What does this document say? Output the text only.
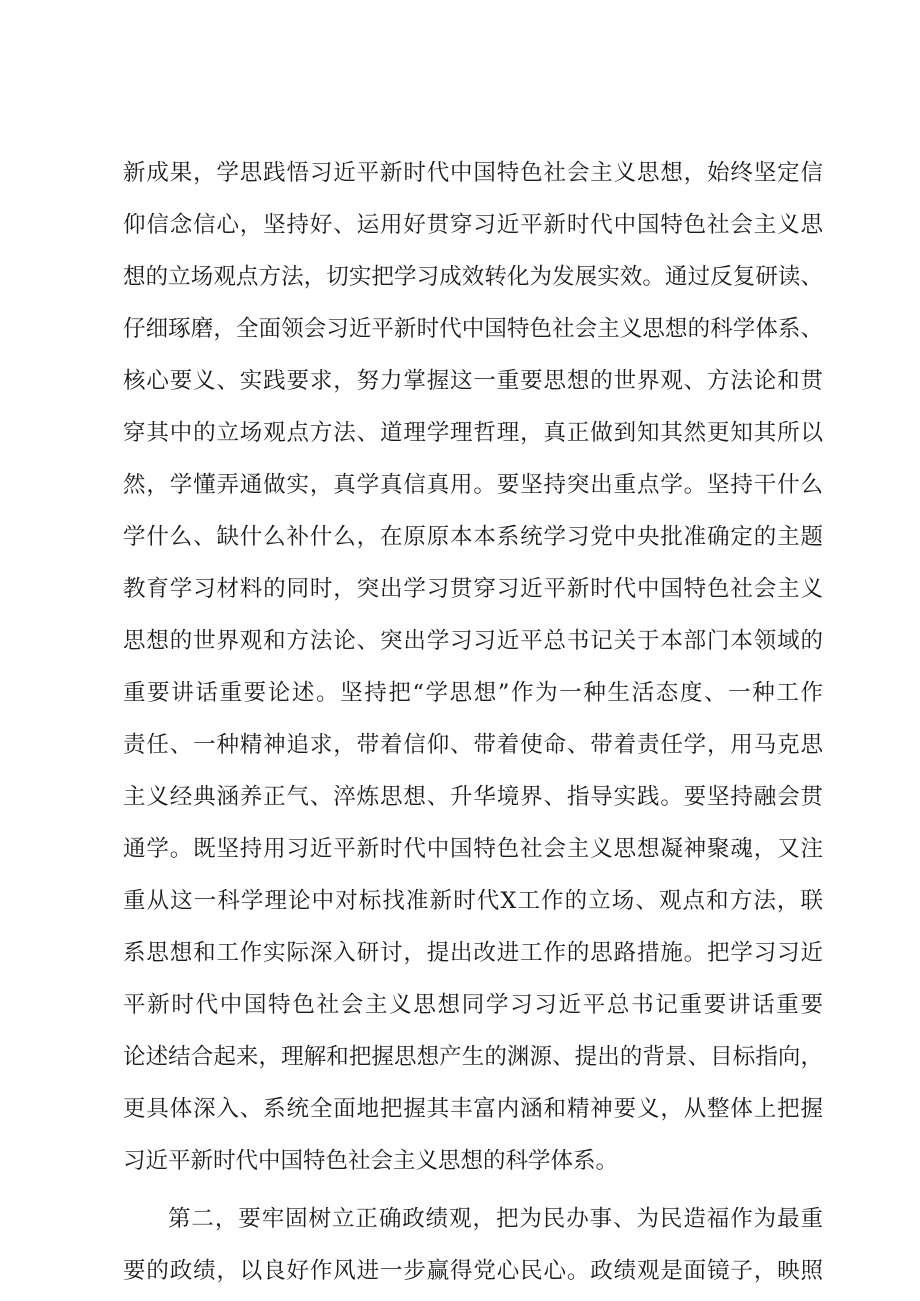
新成果，学思践悟习近平新时代中国特色社会主义思想，始终坚定信
仰信念信心，坚持好、运用好贯穿习近平新时代中国特色社会主义思
想的立场观点方法，切实把学习成效转化为发展实效。通过反复研读、
仔细琢磨，全面领会习近平新时代中国特色社会主义思想的科学体系、
核心要义、实践要求，努力掌握这一重要思想的世界观、方法论和贯
穿其中的立场观点方法、道理学理哲理，真正做到知其然更知其所以
然，学懂弄通做实，真学真信真用。要坚持突出重点学。坚持干什么
学什么、缺什么补什么，在原原本本系统学习党中央批准确定的主题
教育学习材料的同时，突出学习贯穿习近平新时代中国特色社会主义
思想的世界观和方法论、突出学习习近平总书记关于本部门本领域的
重要讲话重要论述。坚持把“学思想”作为一种生活态度、一种工作
责任、一种精神追求，带着信仰、带着使命、带着责任学，用马克思
主义经典涵养正气、淬炼思想、升华境界、指导实践。要坚持融会贯
通学。既坚持用习近平新时代中国特色社会主义思想凝神聚魂，又注
重从这一科学理论中对标找准新时代X工作的立场、观点和方法，联
系思想和工作实际深入研讨，提出改进工作的思路措施。把学习习近
平新时代中国特色社会主义思想同学习习近平总书记重要讲话重要
论述结合起来，理解和把握思想产生的渊源、提出的背景、目标指向，
更具体深入、系统全面地把握其丰富内涵和精神要义，从整体上把握
习近平新时代中国特色社会主义思想的科学体系。
第二，要牢固树立正确政绩观，把为民办事、为民造福作为最重
要的政绩，以良好作风进一步赢得党心民心。政绩观是面镜子，映照
